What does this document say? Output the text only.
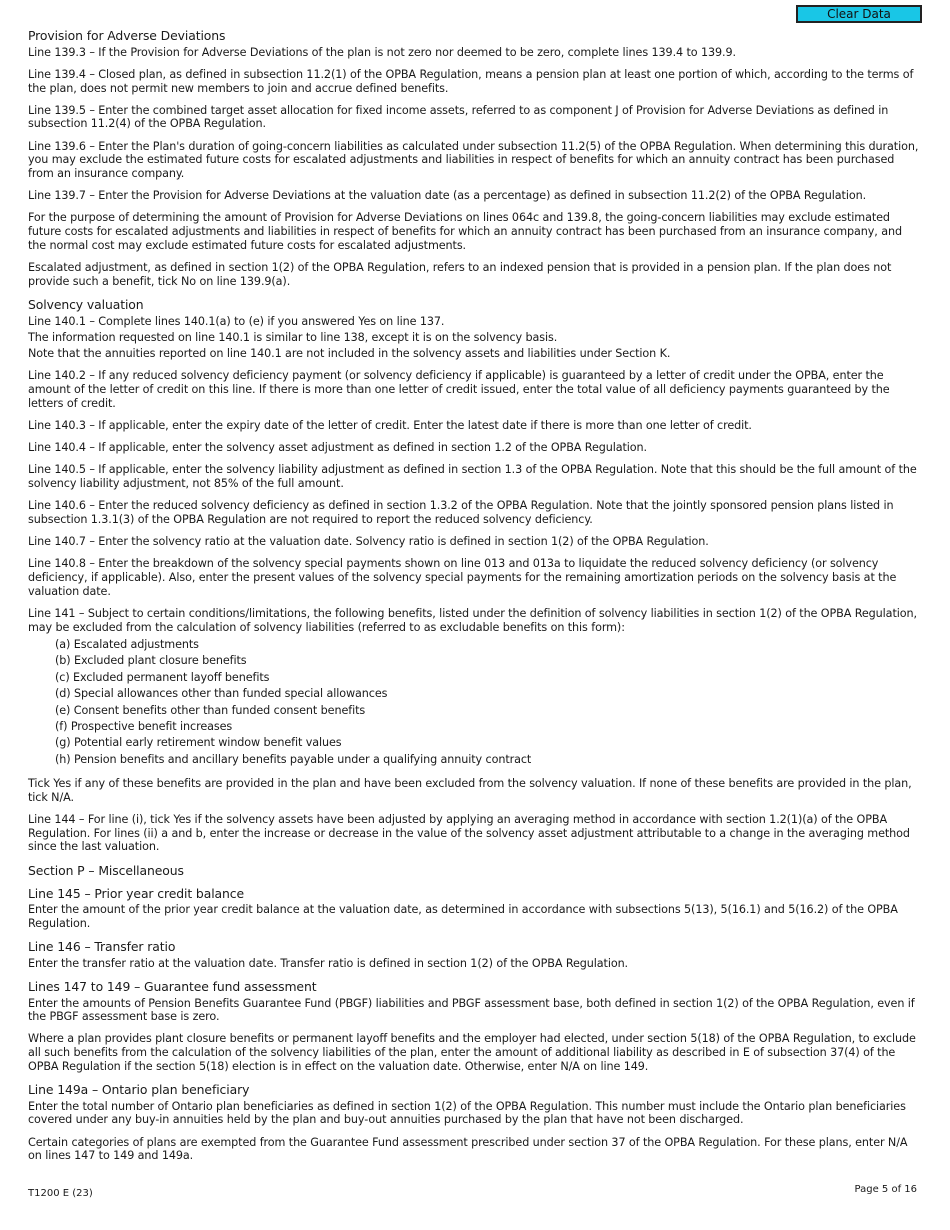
Clear Data
Provision for Adverse Deviations

Line 139.3 – If the Provision for Adverse Deviations of the plan is not zero nor deemed to be zero, complete lines 139.4 to 139.9.

Line 139.4 – Closed plan, as defined in subsection 11.2(1) of the OPBA Regulation, means a pension plan at least one portion of which, according to the terms of the plan, does not permit new members to join and accrue defined benefits.

Line 139.5 – Enter the combined target asset allocation for fixed income assets, referred to as component J of Provision for Adverse Deviations as defined in subsection 11.2(4) of the OPBA Regulation.

Line 139.6 – Enter the Plan's duration of going-concern liabilities as calculated under subsection 11.2(5) of the OPBA Regulation. When determining this duration, you may exclude the estimated future costs for escalated adjustments and liabilities in respect of benefits for which an annuity contract has been purchased from an insurance company.

Line 139.7 – Enter the Provision for Adverse Deviations at the valuation date (as a percentage) as defined in subsection 11.2(2) of the OPBA Regulation.

For the purpose of determining the amount of Provision for Adverse Deviations on lines 064c and 139.8, the going-concern liabilities may exclude estimated future costs for escalated adjustments and liabilities in respect of benefits for which an annuity contract has been purchased from an insurance company, and the normal cost may exclude estimated future costs for escalated adjustments.

Escalated adjustment, as defined in section 1(2) of the OPBA Regulation, refers to an indexed pension that is provided in a pension plan. If the plan does not provide such a benefit, tick No on line 139.9(a).

Solvency valuation

Line 140.1 – Complete lines 140.1(a) to (e) if you answered Yes on line 137.

The information requested on line 140.1 is similar to line 138, except it is on the solvency basis.

Note that the annuities reported on line 140.1 are not included in the solvency assets and liabilities under Section K.

Line 140.2 – If any reduced solvency deficiency payment (or solvency deficiency if applicable) is guaranteed by a letter of credit under the OPBA, enter the amount of the letter of credit on this line. If there is more than one letter of credit issued, enter the total value of all deficiency payments guaranteed by the letters of credit.

Line 140.3 – If applicable, enter the expiry date of the letter of credit. Enter the latest date if there is more than one letter of credit.

Line 140.4 – If applicable, enter the solvency asset adjustment as defined in section 1.2 of the OPBA Regulation.

Line 140.5 – If applicable, enter the solvency liability adjustment as defined in section 1.3 of the OPBA Regulation. Note that this should be the full amount of the solvency liability adjustment, not 85% of the full amount.

Line 140.6 – Enter the reduced solvency deficiency as defined in section 1.3.2 of the OPBA Regulation. Note that the jointly sponsored pension plans listed in subsection 1.3.1(3) of the OPBA Regulation are not required to report the reduced solvency deficiency.

Line 140.7 – Enter the solvency ratio at the valuation date. Solvency ratio is defined in section 1(2) of the OPBA Regulation.

Line 140.8 – Enter the breakdown of the solvency special payments shown on line 013 and 013a to liquidate the reduced solvency deficiency (or solvency deficiency, if applicable). Also, enter the present values of the solvency special payments for the remaining amortization periods on the solvency basis at the valuation date.

Line 141 – Subject to certain conditions/limitations, the following benefits, listed under the definition of solvency liabilities in section 1(2) of the OPBA Regulation, may be excluded from the calculation of solvency liabilities (referred to as excludable benefits on this form):

(a) Escalated adjustments
(b) Excluded plant closure benefits
(c) Excluded permanent layoff benefits
(d) Special allowances other than funded special allowances
(e) Consent benefits other than funded consent benefits
(f) Prospective benefit increases
(g) Potential early retirement window benefit values
(h) Pension benefits and ancillary benefits payable under a qualifying annuity contract

Tick Yes if any of these benefits are provided in the plan and have been excluded from the solvency valuation. If none of these benefits are provided in the plan, tick N/A.

Line 144 – For line (i), tick Yes if the solvency assets have been adjusted by applying an averaging method in accordance with section 1.2(1)(a) of the OPBA Regulation. For lines (ii) a and b, enter the increase or decrease in the value of the solvency asset adjustment attributable to a change in the averaging method since the last valuation.

Section P – Miscellaneous
Line 145 – Prior year credit balance

Enter the amount of the prior year credit balance at the valuation date, as determined in accordance with subsections 5(13), 5(16.1) and 5(16.2) of the OPBA Regulation.

Line 146 – Transfer ratio

Enter the transfer ratio at the valuation date. Transfer ratio is defined in section 1(2) of the OPBA Regulation.

Lines 147 to 149 – Guarantee fund assessment

Enter the amounts of Pension Benefits Guarantee Fund (PBGF) liabilities and PBGF assessment base, both defined in section 1(2) of the OPBA Regulation, even if the PBGF assessment base is zero.

Where a plan provides plant closure benefits or permanent layoff benefits and the employer had elected, under section 5(18) of the OPBA Regulation, to exclude all such benefits from the calculation of the solvency liabilities of the plan, enter the amount of additional liability as described in E of subsection 37(4) of the OPBA Regulation if the section 5(18) election is in effect on the valuation date. Otherwise, enter N/A on line 149.

Line 149a – Ontario plan beneficiary

Enter the total number of Ontario plan beneficiaries as defined in section 1(2) of the OPBA Regulation. This number must include the Ontario plan beneficiaries covered under any buy-in annuities held by the plan and buy-out annuities purchased by the plan that have not been discharged.

Certain categories of plans are exempted from the Guarantee Fund assessment prescribed under section 37 of the OPBA Regulation. For these plans, enter N/A on lines 147 to 149 and 149a.

T1200 E (23)	Page 5 of 16
